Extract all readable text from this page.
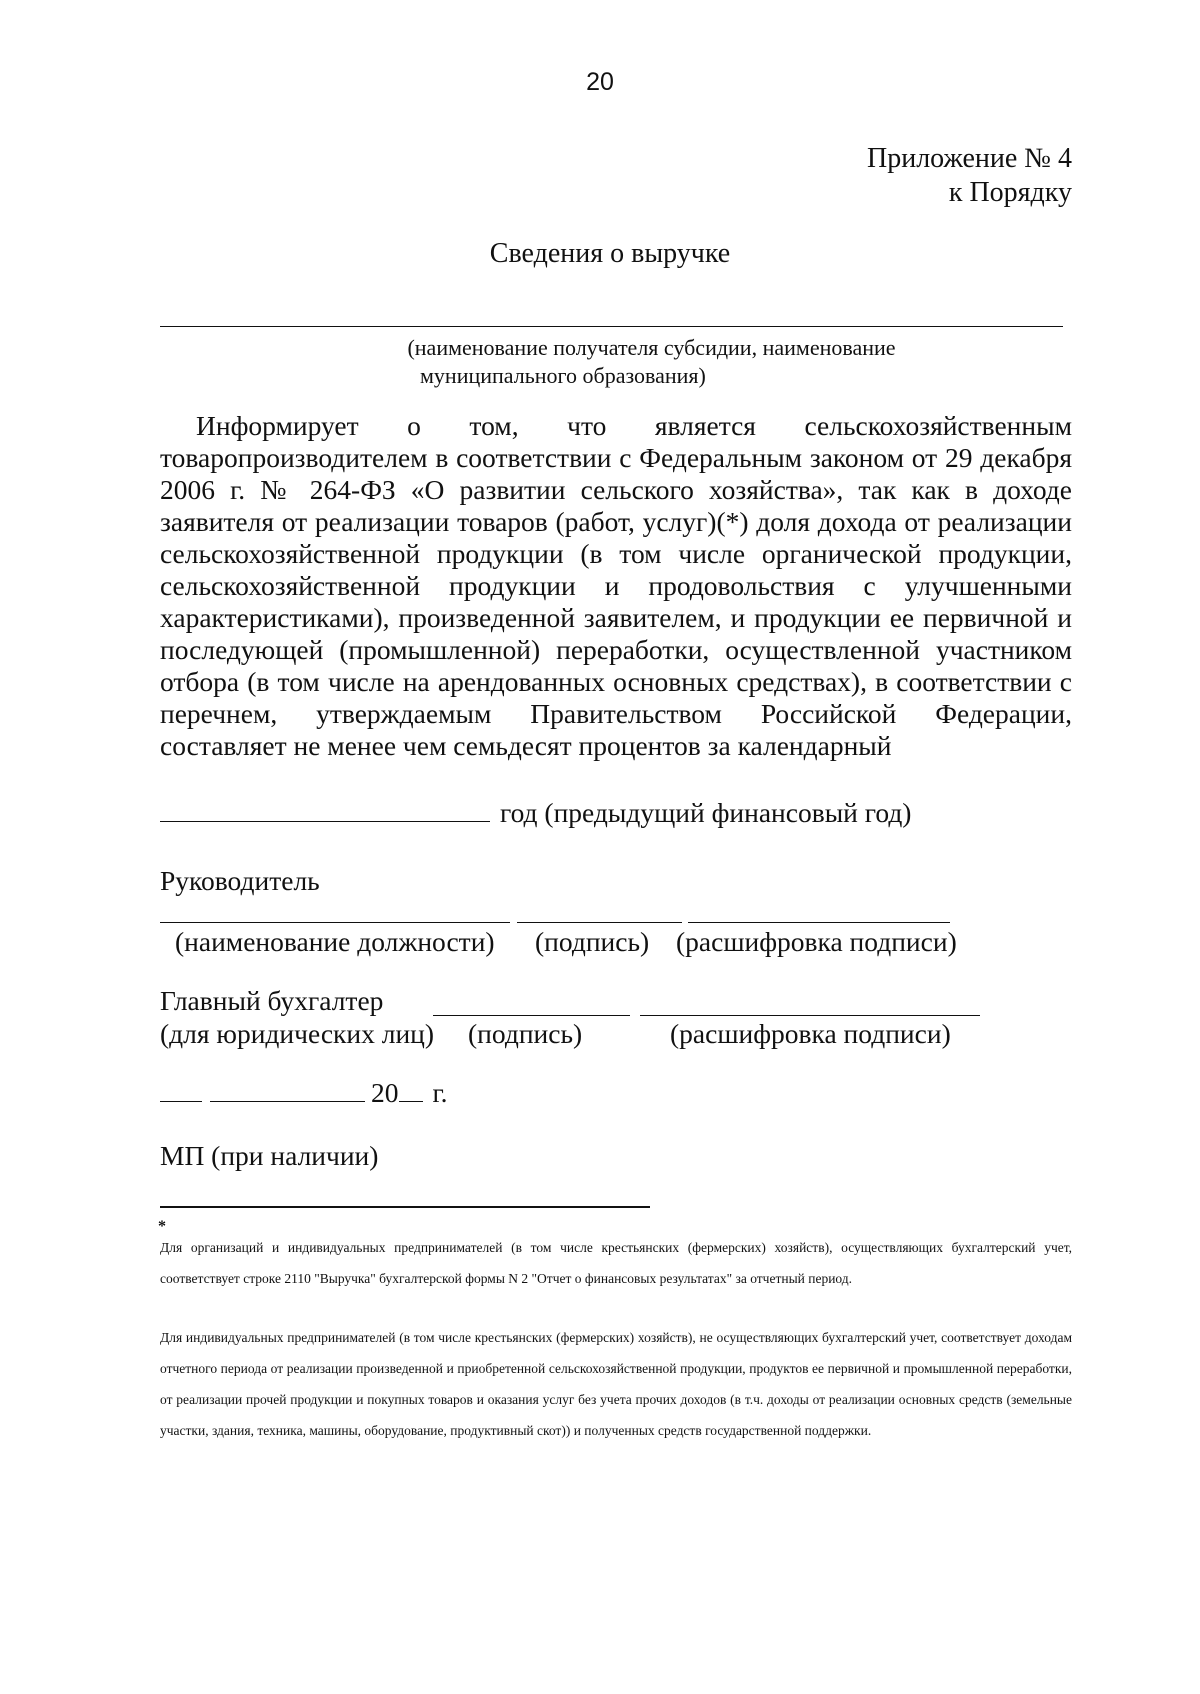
20
Приложение № 4
к Порядку
Сведения о выручке
(наименование получателя субсидии, наименование
муниципального образования)

Информирует о том, что является сельскохозяйственным товаропроизводителем в соответствии с Федеральным законом от 29 декабря 2006 г. № 264-ФЗ «О развитии сельского хозяйства», так как в доходе заявителя от реализации товаров (работ, услуг)(*) доля дохода от реализации сельскохозяйственной продукции (в том числе органической продукции, сельскохозяйственной продукции и продовольствия с улучшенными характеристиками), произведенной заявителем, и продукции ее первичной и последующей (промышленной) переработки, осуществленной участником отбора (в том числе на арендованных основных средствах), в соответствии с перечнем, утверждаемым Правительством Российской Федерации, составляет не менее чем семьдесят процентов за календарный

год (предыдущий финансовый год)
Руководитель
(наименование должности) (подпись) (расшифровка подписи)
Главный бухгалтер
(для юридических лиц) (подпись)	(расшифровка подписи)
20 г.
МП (при наличии)
*

Для организаций и индивидуальных предпринимателей (в том числе крестьянских (фермерских) хозяйств), осуществляющих бухгалтерский учет, соответствует строке 2110 "Выручка" бухгалтерской формы N 2 "Отчет о финансовых результатах" за отчетный период.

Для индивидуальных предпринимателей (в том числе крестьянских (фермерских) хозяйств), не осуществляющих бухгалтерский учет, соответствует доходам отчетного периода от реализации произведенной и приобретенной сельскохозяйственной продукции, продуктов ее первичной и промышленной переработки, от реализации прочей продукции и покупных товаров и оказания услуг без учета прочих доходов (в т.ч. доходы от реализации основных средств (земельные участки, здания, техника, машины, оборудование, продуктивный скот)) и полученных средств государственной поддержки.
